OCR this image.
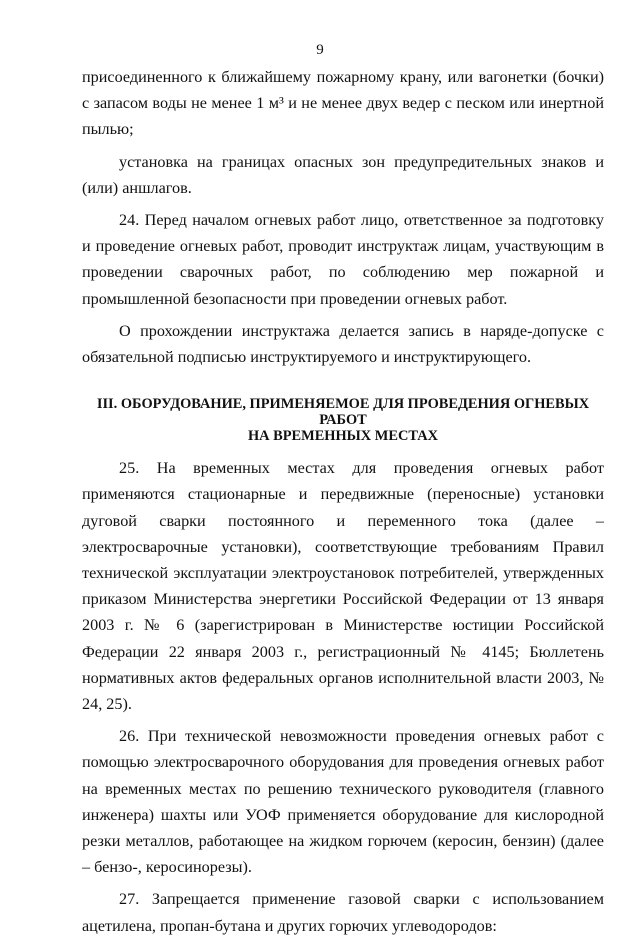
9

присоединенного к ближайшему пожарному крану, или вагонетки (бочки) с запасом воды не менее 1 м³ и не менее двух ведер с песком или инертной пылью;

установка на границах опасных зон предупредительных знаков и (или) аншлагов.

24. Перед началом огневых работ лицо, ответственное за подготовку и проведение огневых работ, проводит инструктаж лицам, участвующим в проведении сварочных работ, по соблюдению мер пожарной и промышленной безопасности при проведении огневых работ.

О прохождении инструктажа делается запись в наряде-допуске с обязательной подписью инструктируемого и инструктирующего.

III. ОБОРУДОВАНИЕ, ПРИМЕНЯЕМОЕ ДЛЯ ПРОВЕДЕНИЯ ОГНЕВЫХ РАБОТ
НА ВРЕМЕННЫХ МЕСТАХ

25. На временных местах для проведения огневых работ применяются стационарные и передвижные (переносные) установки дуговой сварки постоянного и переменного тока (далее – электросварочные установки), соответствующие требованиям Правил технической эксплуатации электроустановок потребителей, утвержденных приказом Министерства энергетики Российской Федерации от 13 января 2003 г. № 6 (зарегистрирован в Министерстве юстиции Российской Федерации 22 января 2003 г., регистрационный № 4145; Бюллетень нормативных актов федеральных органов исполнительной власти 2003, № 24, 25).

26. При технической невозможности проведения огневых работ с помощью электросварочного оборудования для проведения огневых работ на временных местах по решению технического руководителя (главного инженера) шахты или УОФ применяется оборудование для кислородной резки металлов, работающее на жидком горючем (керосин, бензин) (далее – бензо-, керосинорезы).

27. Запрещается применение газовой сварки с использованием ацетилена, пропан-бутана и других горючих углеводородов:
